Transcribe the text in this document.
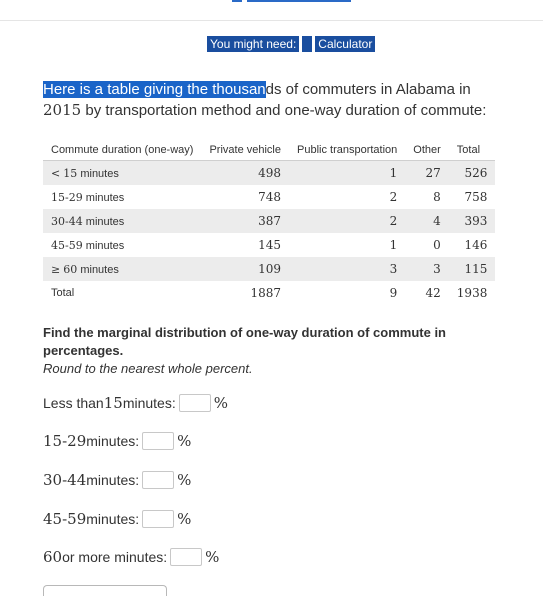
You might need: Calculator
Here is a table giving the thousands of commuters in Alabama in 2015 by transportation method and one-way duration of commute:
Commute duration (one-way)	Private vehicle	Public transportation	Other	Total
< 15 minutes	498	1	27	526
15-29 minutes	748	2	8	758
30-44 minutes	387	2	4	393
45-59 minutes	145	1	0	146
≥ 60 minutes	109	3	3	115
Total	1887	9	42	1938
Find the marginal distribution of one-way duration of commute in percentages.
Round to the nearest whole percent.
Less than 15 minutes:	%
15-29 minutes:	%
30-44 minutes:	%
45-59 minutes:	%
60 or more minutes:	%
